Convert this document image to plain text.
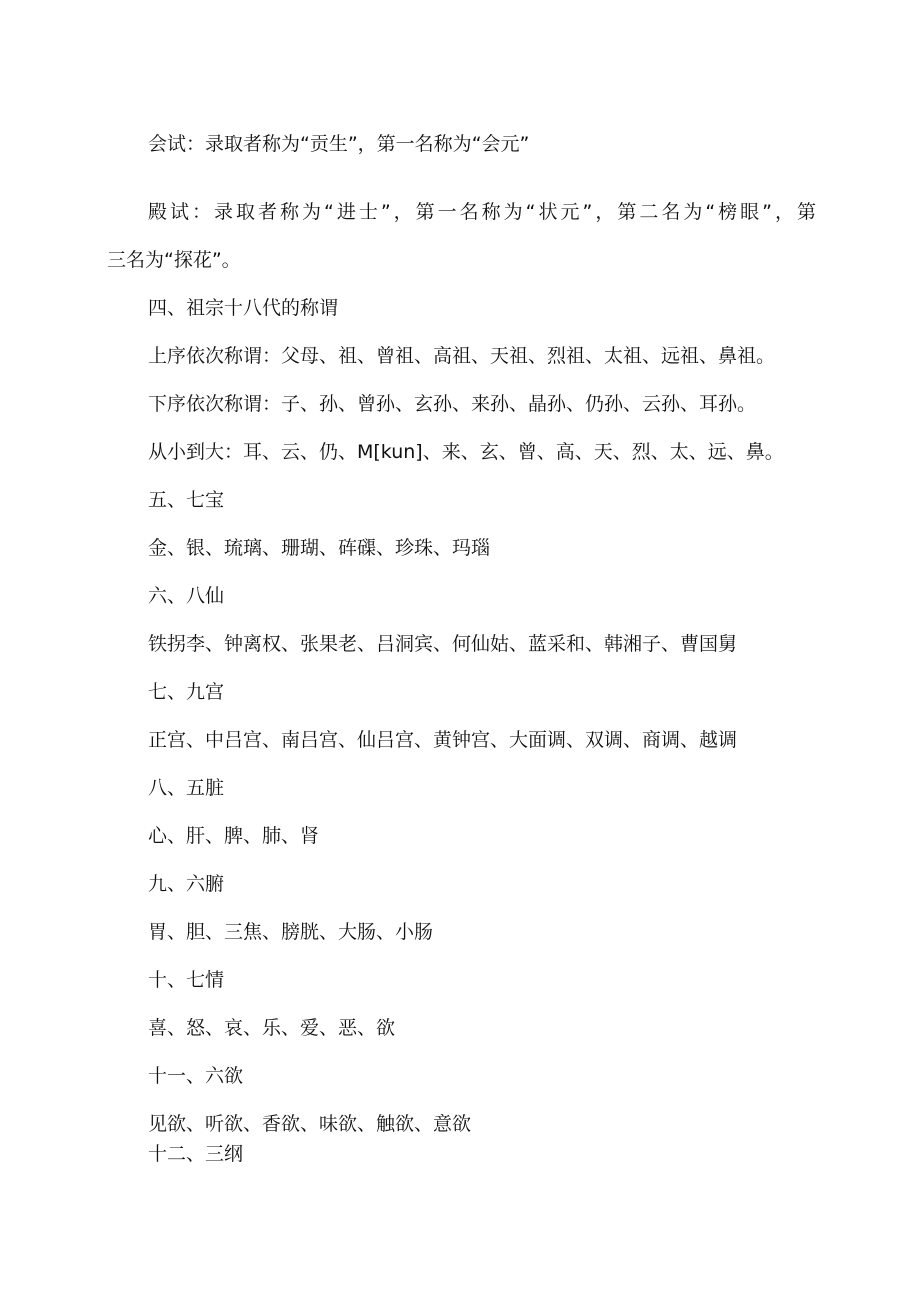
会试：录取者称为“贡生”，第一名称为“会元”

殿试：录取者称为“进士”，第一名称为“状元”，第二名为“榜眼”，第

三名为“探花”。

四、祖宗十八代的称谓

上序依次称谓：父母、祖、曾祖、高祖、天祖、烈祖、太祖、远祖、鼻祖。

下序依次称谓：子、孙、曾孙、玄孙、来孙、晶孙、仍孙、云孙、耳孙。

从小到大：耳、云、仍、M[kun]、来、玄、曾、高、天、烈、太、远、鼻。

五、七宝

金、银、琉璃、珊瑚、砗磲、珍珠、玛瑙

六、八仙

铁拐李、钟离权、张果老、吕洞宾、何仙姑、蓝采和、韩湘子、曹国舅

七、九宫

正宫、中吕宫、南吕宫、仙吕宫、黄钟宫、大面调、双调、商调、越调

八、五脏

心、肝、脾、肺、肾

九、六腑

胃、胆、三焦、膀胱、大肠、小肠

十、七情

喜、怒、哀、乐、爱、恶、欲

十一、六欲

见欲、听欲、香欲、味欲、触欲、意欲

十二、三纲
